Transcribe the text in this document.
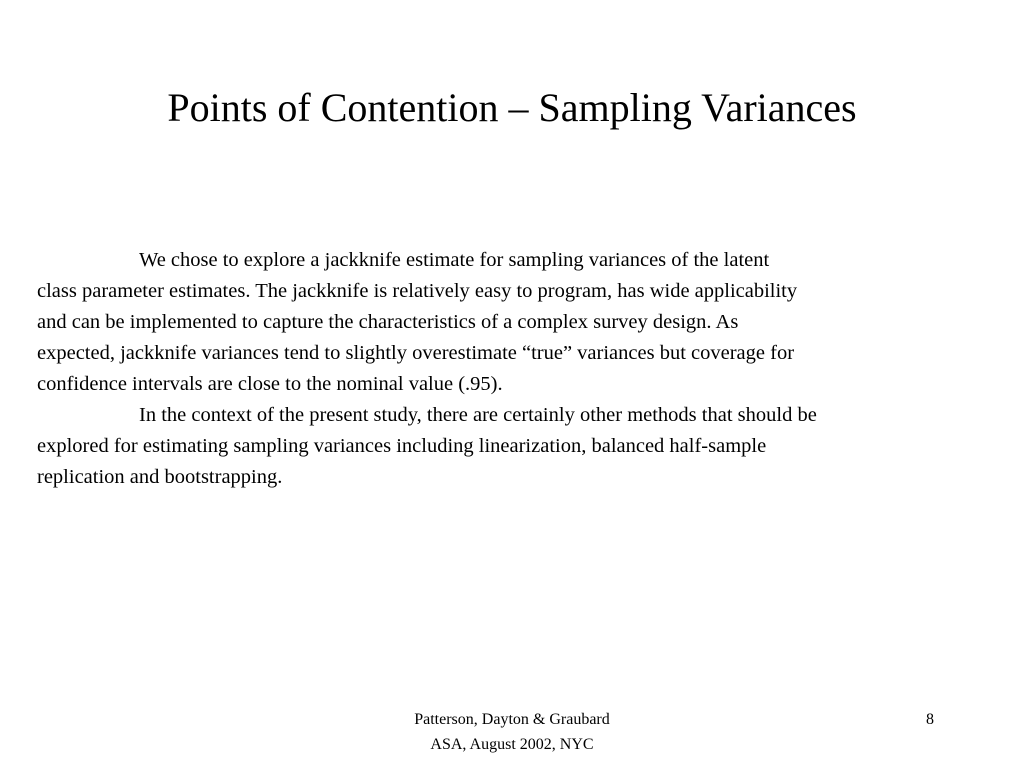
Points of Contention – Sampling Variances

We chose to explore a jackknife estimate for sampling variances of the latent
class parameter estimates. The jackknife is relatively easy to program, has wide applicability
and can be implemented to capture the characteristics of a complex survey design. As
expected, jackknife variances tend to slightly overestimate “true” variances but coverage for
confidence intervals are close to the nominal value (.95).

In the context of the present study, there are certainly other methods that should be
explored for estimating sampling variances including linearization, balanced half-sample
replication and bootstrapping.

Patterson, Dayton & Graubard
ASA, August 2002, NYC
8
